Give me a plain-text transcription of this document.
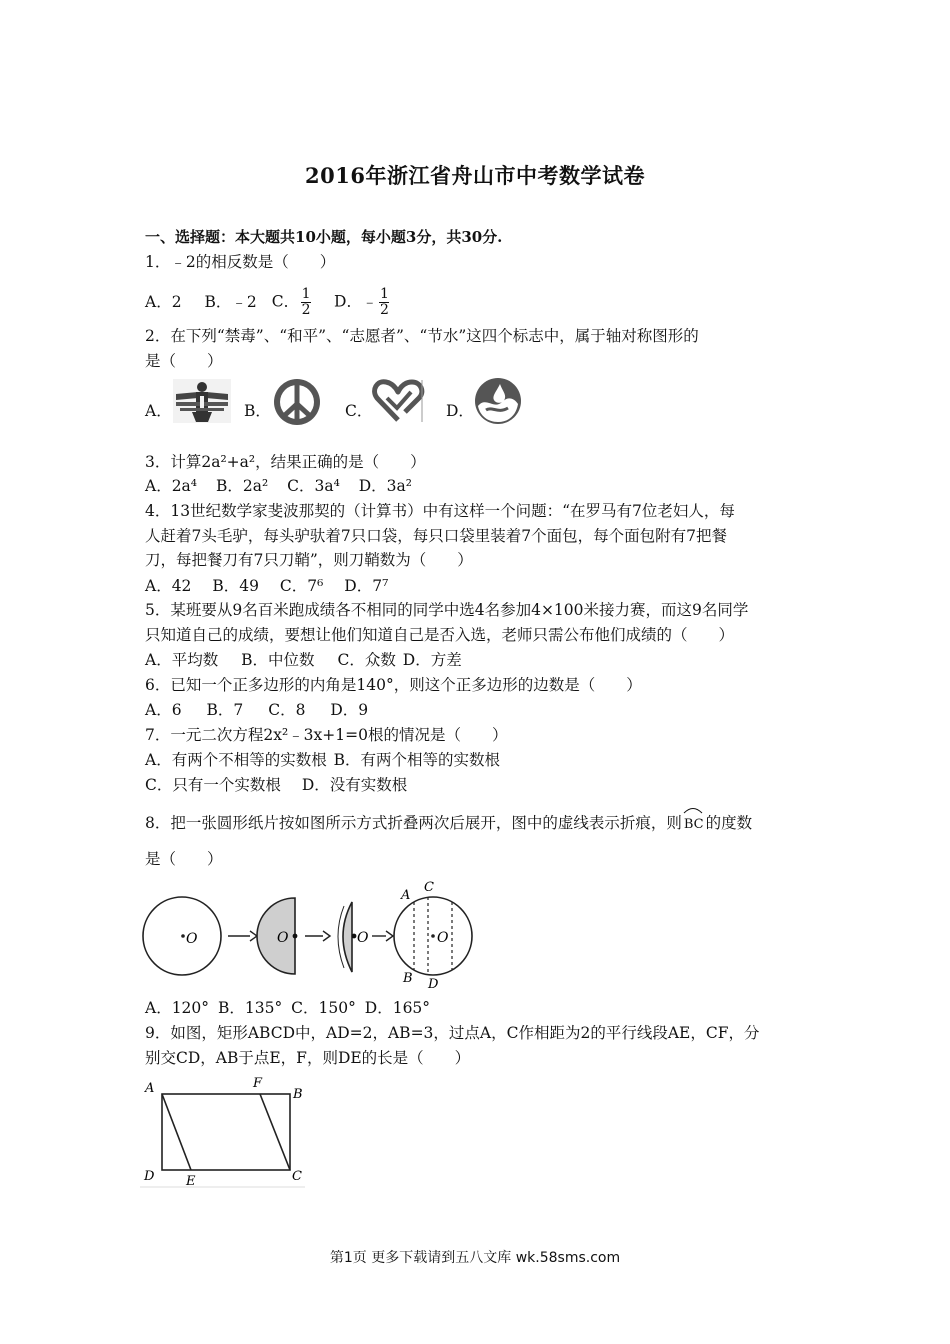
2016年浙江省舟山市中考数学试卷
一、选择题：本大题共10小题，每小题3分，共30分.
1．﹣2的相反数是（　　）
A．2 B．﹣2 C． $\frac{1}{2}$ D．﹣ $\frac{1}{2}$
2．在下列“禁毒”、“和平”、“志愿者”、“节水”这四个标志中，属于轴对称图形的
是（　　）
A．	B．	C．	D．
3．计算2a²+a²，结果正确的是（　　）
A．2a⁴ B．2a² C．3a⁴ D．3a²
4．13世纪数学家斐波那契的（计算书）中有这样一个问题：“在罗马有7位老妇人，每
人赶着7头毛驴，每头驴驮着7只口袋，每只口袋里装着7个面包，每个面包附有7把餐
刀，每把餐刀有7只刀鞘”，则刀鞘数为（　　）
A．42 B．49 C．7⁶ D．7⁷
5．某班要从9名百米跑成绩各不相同的同学中选4名参加4×100米接力赛，而这9名同学
只知道自己的成绩，要想让他们知道自己是否入选，老师只需公布他们成绩的（　　）
A．平均数 B．中位数 C．众数 D．方差
6．已知一个正多边形的内角是140°，则这个正多边形的边数是（　　）
A．6 B．7 C．8 D．9
7．一元二次方程2x²﹣3x+1=0根的情况是（　　）
A．有两个不相等的实数根 B．有两个相等的实数根
C．只有一个实数根 D．没有实数根
8．把一张圆形纸片按如图所示方式折叠两次后展开，图中的虚线表示折痕，则 BC 的度数
是（　　）
O	O	O	O
A
C
B D
A．120° B．135° C．150° D．165°
9．如图，矩形ABCD中，AD=2，AB=3，过点A，C作相距为2的平行线段AE，CF，分
别交CD，AB于点E，F，则DE的长是（　　）
A	F
B
D E	C
第1页 更多下载请到五八文库 wk.58sms.com
